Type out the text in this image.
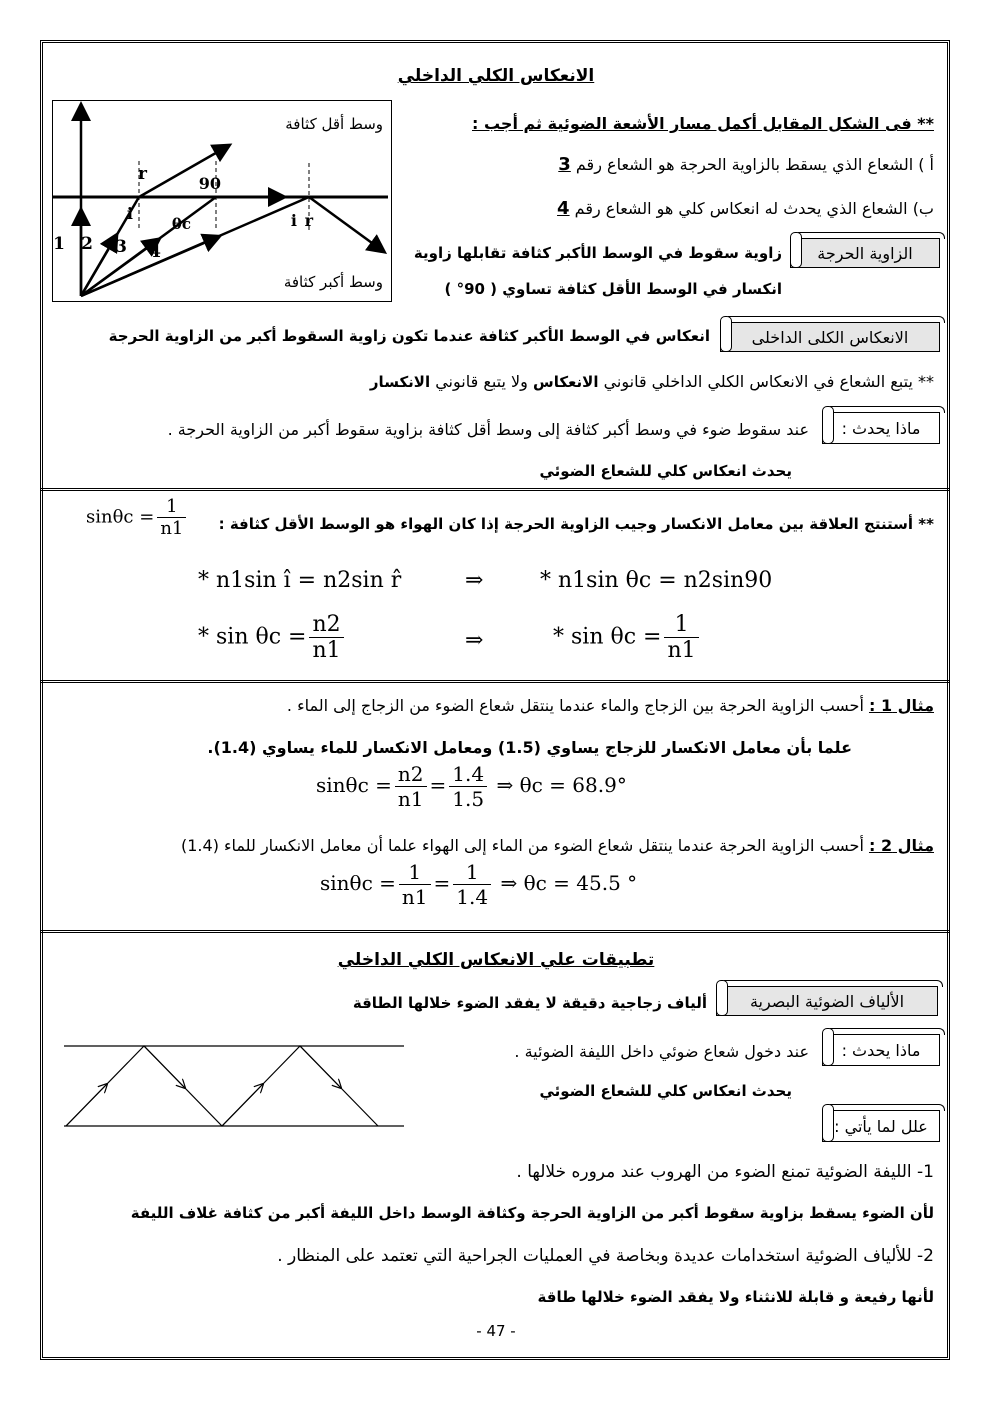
الانعكاس الكلي الداخلي
1 2 3 4
r	90
i
θc	i r
وسط أقل كثافة
وسط أكبر كثافة
** فى الشكل المقابل أكمل مسار الأشعة الضوئية ثم أجب :
أ ) الشعاع الذي يسقط بالزاوية الحرجة هو الشعاع رقم 3
ب) الشعاع الذي يحدث له انعكاس كلي هو الشعاع رقم 4
الزاوية الحرجة
زاوية سقوط في الوسط الأكبر كثافة تقابلها زاوية
انكسار في الوسط الأقل كثافة تساوي ( 90° )
الانعكاس الكلى الداخلى
انعكاس في الوسط الأكبر كثافة عندما تكون زاوية السقوط أكبر من الزاوية الحرجة
** يتبع الشعاع في الانعكاس الكلي الداخلي قانوني الانعكاس ولا يتبع قانوني الانكسار
ماذا يحدث :
عند سقوط ضوء في وسط أكبر كثافة إلى وسط أقل كثافة بزاوية سقوط أكبر من الزاوية الحرجة .
يحدث انعكاس كلي للشعاع الضوئي
** أستنتج العلاقة بين معامل الانكسار وجيب الزاوية الحرجة إذا كان الهواء هو الوسط الأقل كثافة :
$\sin\theta c = \frac{1}{n1}$
* n1sin î = n2sin r̂	⇒	* n1sin θc = n2sin90
* $\sin \theta c = \frac{n2}{n1}$	⇒	* $\sin \theta c = \frac{1}{n1}$
مثال 1 : أحسب الزاوية الحرجة بين الزجاج والماء عندما ينتقل شعاع الضوء من الزجاج إلى الماء .
علما بأن معامل الانكسار للزجاج يساوي (1.5) ومعامل الانكسار للماء يساوي (1.4).
$\sin\theta c = \frac{n2}{n1} = \frac{1.4}{1.5}$ ⇒ θc = 68.9°
مثال 2 : أحسب الزاوية الحرجة عندما ينتقل شعاع الضوء من الماء إلى الهواء علما أن معامل الانكسار للماء (1.4)
$\sin\theta c = \frac{1}{n1} = \frac{1}{1.4}$ ⇒ θc = 45.5 °
تطبيقات علي الانعكاس الكلي الداخلي
الألياف الضوئية البصرية
ألياف زجاجية دقيقة لا يفقد الضوء خلالها الطاقة
ماذا يحدث :
عند دخول شعاع ضوئي داخل الليفة الضوئية .
يحدث انعكاس كلي للشعاع الضوئي
علل لما يأتي :
1- الليفة الضوئية تمنع الضوء من الهروب عند مروره خلالها .
لأن الضوء يسقط بزاوية سقوط أكبر من الزاوية الحرجة وكثافة الوسط داخل الليفة أكبر من كثافة غلاف الليفة
2- للألياف الضوئية استخدامات عديدة وبخاصة في العمليات الجراحية التي تعتمد على المنظار .
لأنها رفيعة و قابلة للانثناء ولا يفقد الضوء خلالها طاقة
- 47 -
